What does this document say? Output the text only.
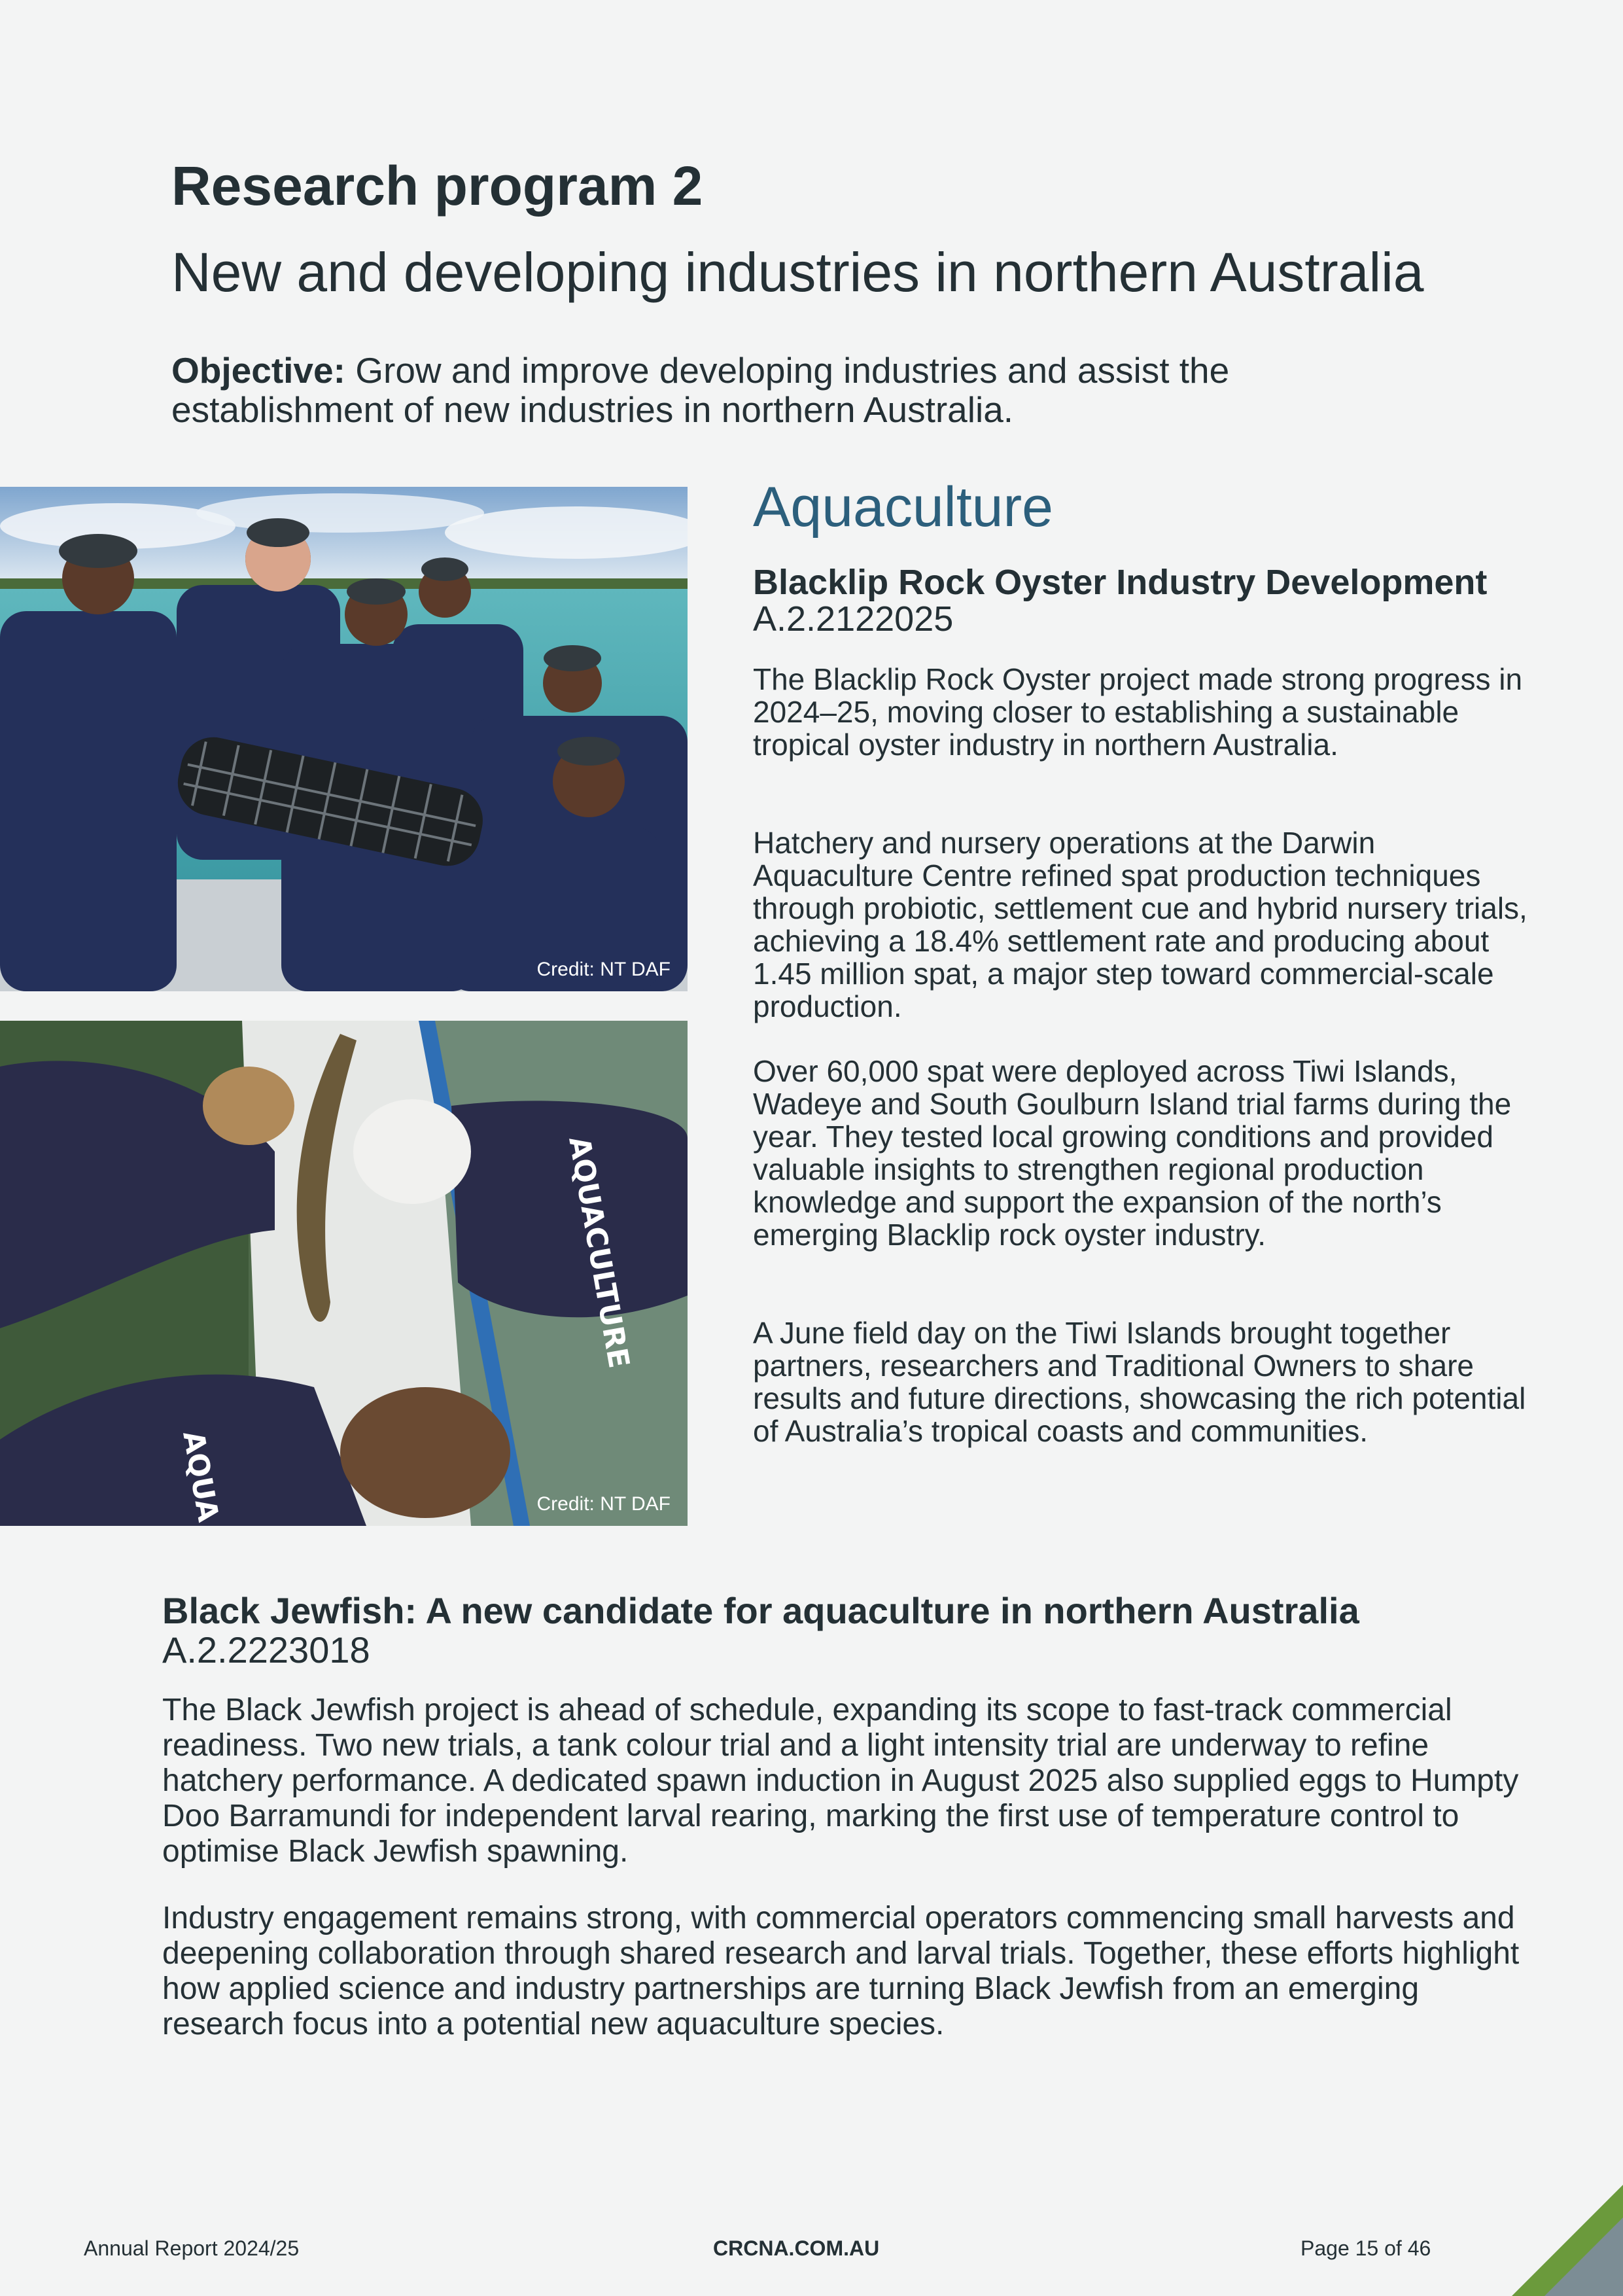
Research program 2
New and developing industries in northern Australia
Objective: Grow and improve developing industries and assist the establishment of new industries in northern Australia.
Credit: NT DAF
AQUACULTURE
AQUA	Credit: NT DAF
Aquaculture
Blacklip Rock Oyster Industry Development A.2.2122025

The Blacklip Rock Oyster project made strong progress in 2024–25, moving closer to establishing a sustainable tropical oyster industry in northern Australia.

Hatchery and nursery operations at the Darwin Aquaculture Centre refined spat production techniques through probiotic, settlement cue and hybrid nursery trials, achieving a 18.4% settlement rate and producing about 1.45 million spat, a major step toward commercial-scale production.

Over 60,000 spat were deployed across Tiwi Islands, Wadeye and South Goulburn Island trial farms during the year. They tested local growing conditions and provided valuable insights to strengthen regional production knowledge and support the expansion of the north’s emerging Blacklip rock oyster industry.

A June field day on the Tiwi Islands brought together partners, researchers and Traditional Owners to share results and future directions, showcasing the rich potential of Australia’s tropical coasts and communities.

Black Jewfish: A new candidate for aquaculture in northern Australia
A.2.2223018

The Black Jewfish project is ahead of schedule, expanding its scope to fast-track commercial readiness. Two new trials, a tank colour trial and a light intensity trial are underway to refine hatchery performance. A dedicated spawn induction in August 2025 also supplied eggs to Humpty Doo Barramundi for independent larval rearing, marking the first use of temperature control to optimise Black Jewfish spawning.

Industry engagement remains strong, with commercial operators commencing small harvests and deepening collaboration through shared research and larval trials. Together, these efforts highlight how applied science and industry partnerships are turning Black Jewfish from an emerging research focus into a potential new aquaculture species.

Annual Report 2024/25	CRCNA.COM.AU	Page 15 of 46
